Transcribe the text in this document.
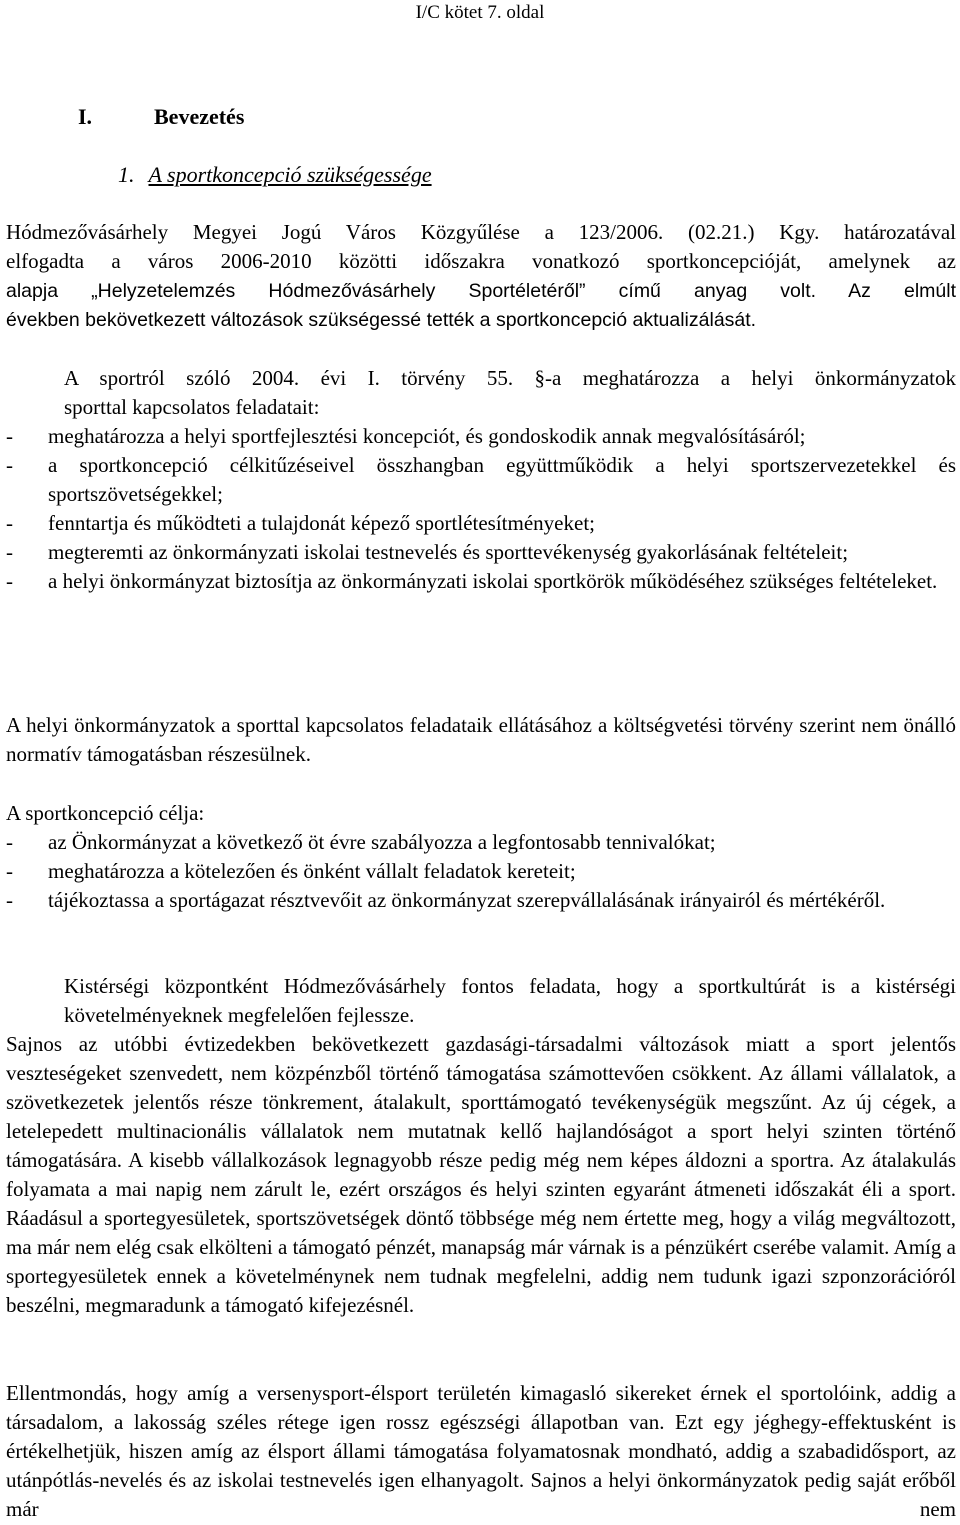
I/C kötet 7. oldal
I.	Bevezetés
1. A sportkoncepció szükségessége
Hódmezővásárhely Megyei Jogú Város Közgyűlése a 123/2006. (02.21.) Kgy. határozatával
elfogadta a város 2006-2010 közötti időszakra vonatkozó sportkoncepcióját, amelynek az
alapja „Helyzetelemzés Hódmezővásárhely Sportéletéről” című anyag volt. Az elmúlt
években bekövetkezett változások szükségessé tették a sportkoncepció aktualizálását.
A sportról szóló 2004. évi I. törvény 55. §-a meghatározza a helyi önkormányzatok
sporttal kapcsolatos feladatait:
- meghatározza a helyi sportfejlesztési koncepciót, és gondoskodik annak megvalósításáról;
- a sportkoncepció célkitűzéseivel összhangban együttműködik a helyi sportszervezetekkel és sportszövetségekkel;
- fenntartja és működteti a tulajdonát képező sportlétesítményeket;
- megteremti az önkormányzati iskolai testnevelés és sporttevékenység gyakorlásának feltételeit;
- a helyi önkormányzat biztosítja az önkormányzati iskolai sportkörök működéséhez szükséges feltételeket.
A helyi önkormányzatok a sporttal kapcsolatos feladataik ellátásához a költségvetési törvény szerint nem önálló normatív támogatásban részesülnek.
A sportkoncepció célja:
- az Önkormányzat a következő öt évre szabályozza a legfontosabb tennivalókat;
- meghatározza a kötelezően és önként vállalt feladatok kereteit;
- tájékoztassa a sportágazat résztvevőit az önkormányzat szerepvállalásának irányairól és mértékéről.
Kistérségi központként Hódmezővásárhely fontos feladata, hogy a sportkultúrát is a kistérségi követelményeknek megfelelően fejlessze.
Sajnos az utóbbi évtizedekben bekövetkezett gazdasági-társadalmi változások miatt a sport jelentős veszteségeket szenvedett, nem közpénzből történő támogatása számottevően csökkent. Az állami vállalatok, a szövetkezetek jelentős része tönkrement, átalakult, sporttámogató tevékenységük megszűnt. Az új cégek, a letelepedett multinacionális vállalatok nem mutatnak kellő hajlandóságot a sport helyi szinten történő támogatására. A kisebb vállalkozások legnagyobb része pedig még nem képes áldozni a sportra. Az átalakulás folyamata a mai napig nem zárult le, ezért országos és helyi szinten egyaránt átmeneti időszakát éli a sport. Ráadásul a sportegyesületek, sportszövetségek döntő többsége még nem értette meg, hogy a világ megváltozott, ma már nem elég csak elkölteni a támogató pénzét, manapság már várnak is a pénzükért cserébe valamit. Amíg a sportegyesületek ennek a követelménynek nem tudnak megfelelni, addig nem tudunk igazi szponzorációról beszélni, megmaradunk a támogató kifejezésnél.
Ellentmondás, hogy amíg a versenysport-élsport területén kimagasló sikereket érnek el sportolóink, addig a társadalom, a lakosság széles rétege igen rossz egészségi állapotban van. Ezt egy jéghegy-effektusként is értékelhetjük, hiszen amíg az élsport állami támogatása folyamatosnak mondható, addig a szabadidősport, az utánpótlás-nevelés és az iskolai testnevelés igen elhanyagolt. Sajnos a helyi önkormányzatok pedig saját erőből már nem
